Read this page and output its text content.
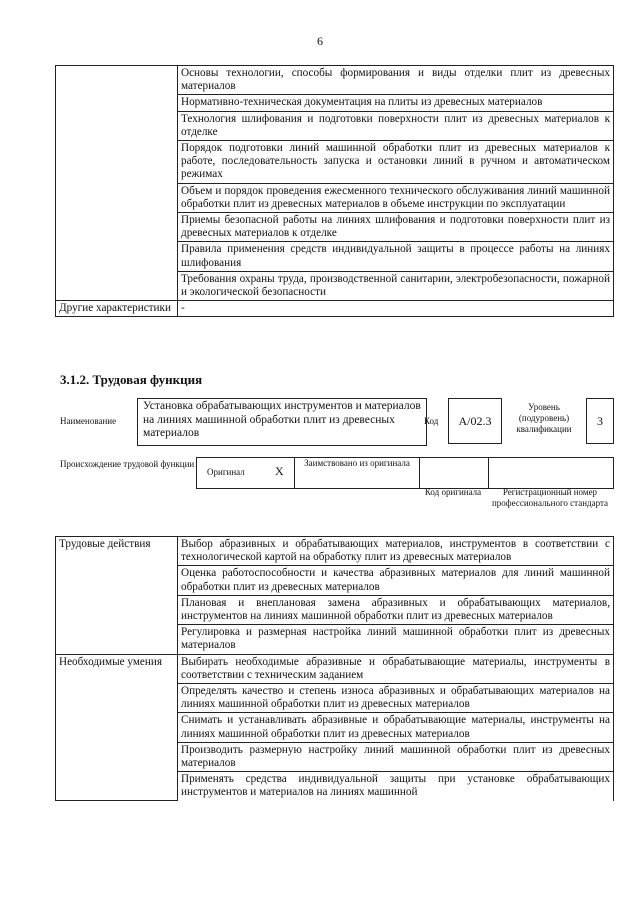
6
	Основы технологии, способы формирования и виды отделки плит из древесных материалов
	Нормативно-техническая документация на плиты из древесных материалов
	Технология шлифования и подготовки поверхности плит из древесных материалов к отделке
	Порядок подготовки линий машинной обработки плит из древесных материалов к работе, последовательность запуска и остановки линий в ручном и автоматическом режимах
	Объем и порядок проведения ежесменного технического обслуживания линий машинной обработки плит из древесных материалов в объеме инструкции по эксплуатации
	Приемы безопасной работы на линиях шлифования и подготовки поверхности плит из древесных материалов к отделке
	Правила применения средств индивидуальной защиты в процессе работы на линиях шлифования
	Требования охраны труда, производственной санитарии, электробезопасности, пожарной и экологической безопасности
Другие характеристики	-
3.1.2. Трудовая функция
Наименование
Установка обрабатывающих инструментов и материалов на линиях машинной обработки плит из древесных материалов
Код	A/02.3
Уровень (подуровень) квалификации
3
Происхождение трудовой функции
Оригинал	X
Заимствовано из оригинала
Код оригинала	Регистрационный номер профессионального стандарта
Трудовые действия	Выбор абразивных и обрабатывающих материалов, инструментов в соответствии с технологической картой на обработку плит из древесных материалов
	Оценка работоспособности и качества абразивных материалов для линий машинной обработки плит из древесных материалов
	Плановая и внеплановая замена абразивных и обрабатывающих материалов, инструментов на линиях машинной обработки плит из древесных материалов
	Регулировка и размерная настройка линий машинной обработки плит из древесных материалов
Необходимые умения	Выбирать необходимые абразивные и обрабатывающие материалы, инструменты в соответствии с техническим заданием
	Определять качество и степень износа абразивных и обрабатывающих материалов на линиях машинной обработки плит из древесных материалов
	Снимать и устанавливать абразивные и обрабатывающие материалы, инструменты на линиях машинной обработки плит из древесных материалов
	Производить размерную настройку линий машинной обработки плит из древесных материалов
	Применять средства индивидуальной защиты при установке обрабатывающих инструментов и материалов на линиях машинной
